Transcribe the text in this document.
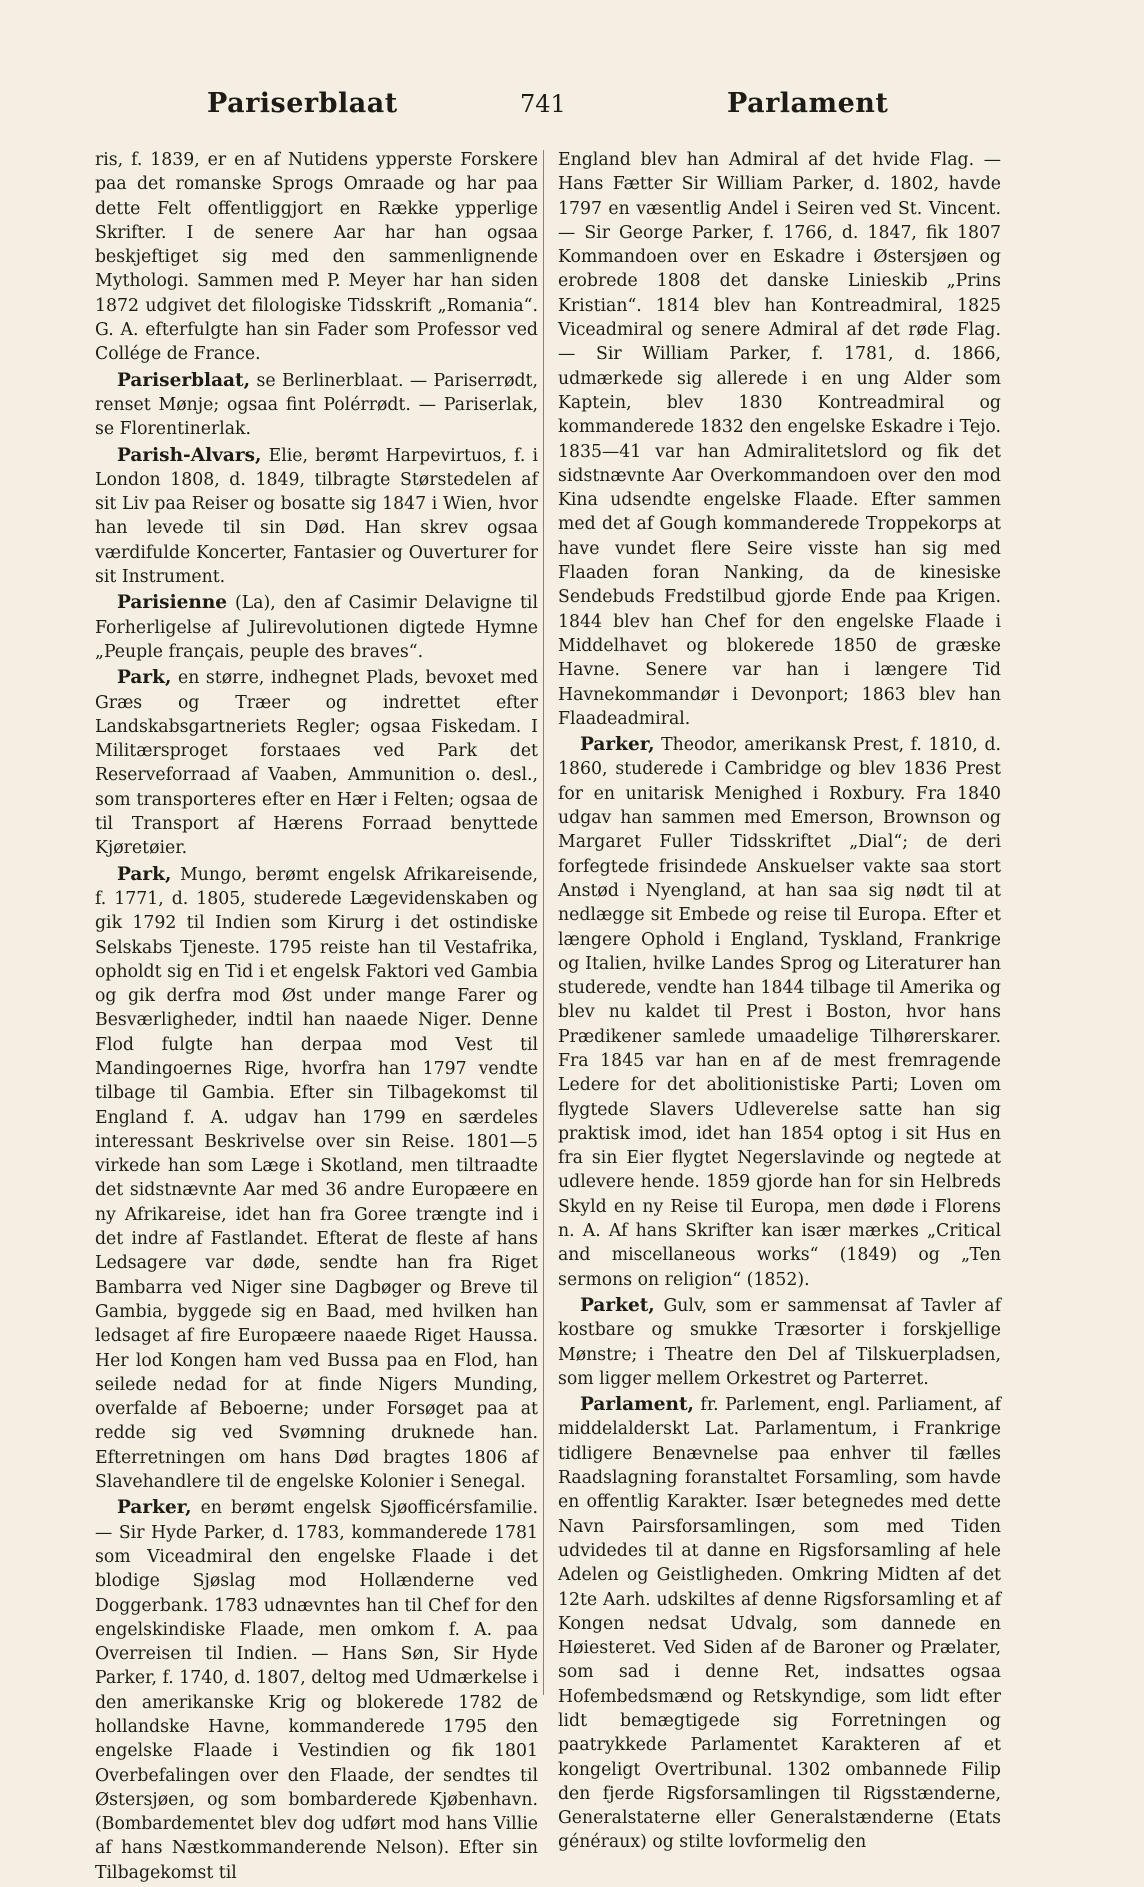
Pariserblaat	741	Parlament

ris, f. 1839, er en af Nutidens ypperste Forskere paa det romanske Sprogs Omraade og har paa dette Felt offentliggjort en Række ypperlige Skrifter. I de senere Aar har han ogsaa beskjeftiget sig med den sammenlignende Mythologi. Sammen med P. Meyer har han siden 1872 udgivet det filologiske Tidsskrift „Romania“. G. A. efterfulgte han sin Fader som Professor ved Collége de France.

Pariserblaat, se Berlinerblaat. — Pariserrødt, renset Mønje; ogsaa fint Polérrødt. — Pariserlak, se Florentinerlak.

Parish-Alvars, Elie, berømt Harpevirtuos, f. i London 1808, d. 1849, tilbragte Størstedelen af sit Liv paa Reiser og bosatte sig 1847 i Wien, hvor han levede til sin Død. Han skrev ogsaa værdifulde Koncerter, Fantasier og Ouverturer for sit Instrument.

Parisienne (La), den af Casimir Delavigne til Forherligelse af Julirevolutionen digtede Hymne „Peuple français, peuple des braves“.

Park, en større, indhegnet Plads, bevoxet med Græs og Træer og indrettet efter Landskabsgartneriets Regler; ogsaa Fiskedam. I Militærsproget forstaaes ved Park det Reserveforraad af Vaaben, Ammunition o. desl., som transporteres efter en Hær i Felten; ogsaa de til Transport af Hærens Forraad benyttede Kjøretøier.

Park, Mungo, berømt engelsk Afrikareisende, f. 1771, d. 1805, studerede Lægevidenskaben og gik 1792 til Indien som Kirurg i det ostindiske Selskabs Tjeneste. 1795 reiste han til Vestafrika, opholdt sig en Tid i et engelsk Faktori ved Gambia og gik derfra mod Øst under mange Farer og Besværligheder, indtil han naaede Niger. Denne Flod fulgte han derpaa mod Vest til Mandingoernes Rige, hvorfra han 1797 vendte tilbage til Gambia. Efter sin Tilbagekomst til England f. A. udgav han 1799 en særdeles interessant Beskrivelse over sin Reise. 1801—5 virkede han som Læge i Skotland, men tiltraadte det sidstnævnte Aar med 36 andre Europæere en ny Afrikareise, idet han fra Goree trængte ind i det indre af Fastlandet. Efterat de fleste af hans Ledsagere var døde, sendte han fra Riget Bambarra ved Niger sine Dagbøger og Breve til Gambia, byggede sig en Baad, med hvilken han ledsaget af fire Europæere naaede Riget Haussa. Her lod Kongen ham ved Bussa paa en Flod, han seilede nedad for at finde Nigers Munding, overfalde af Beboerne; under Forsøget paa at redde sig ved Svømning druknede han. Efterretningen om hans Død bragtes 1806 af Slavehandlere til de engelske Kolonier i Senegal.

Parker, en berømt engelsk Sjøofficérsfamilie. — Sir Hyde Parker, d. 1783, kommanderede 1781 som Viceadmiral den engelske Flaade i det blodige Sjøslag mod Hollænderne ved Doggerbank. 1783 udnævntes han til Chef for den engelskindiske Flaade, men omkom f. A. paa Overreisen til Indien. — Hans Søn, Sir Hyde Parker, f. 1740, d. 1807, deltog med Udmærkelse i den amerikanske Krig og blokerede 1782 de hollandske Havne, kommanderede 1795 den engelske Flaade i Vestindien og fik 1801 Overbefalingen over den Flaade, der sendtes til Østersjøen, og som bombarderede Kjøbenhavn. (Bombardementet blev dog udført mod hans Villie af hans Næstkommanderende Nelson). Efter sin Tilbagekomst til

England blev han Admiral af det hvide Flag. — Hans Fætter Sir William Parker, d. 1802, havde 1797 en væsentlig Andel i Seiren ved St. Vincent. — Sir George Parker, f. 1766, d. 1847, fik 1807 Kommandoen over en Eskadre i Østersjøen og erobrede 1808 det danske Linieskib „Prins Kristian“. 1814 blev han Kontreadmiral, 1825 Viceadmiral og senere Admiral af det røde Flag. — Sir William Parker, f. 1781, d. 1866, udmærkede sig allerede i en ung Alder som Kaptein, blev 1830 Kontreadmiral og kommanderede 1832 den engelske Eskadre i Tejo. 1835—41 var han Admiralitetslord og fik det sidstnævnte Aar Overkommandoen over den mod Kina udsendte engelske Flaade. Efter sammen med det af Gough kommanderede Troppekorps at have vundet flere Seire visste han sig med Flaaden foran Nanking, da de kinesiske Sendebuds Fredstilbud gjorde Ende paa Krigen. 1844 blev han Chef for den engelske Flaade i Middelhavet og blokerede 1850 de græske Havne. Senere var han i længere Tid Havnekommandør i Devonport; 1863 blev han Flaadeadmiral.

Parker, Theodor, amerikansk Prest, f. 1810, d. 1860, studerede i Cambridge og blev 1836 Prest for en unitarisk Menighed i Roxbury. Fra 1840 udgav han sammen med Emerson, Brownson og Margaret Fuller Tidsskriftet „Dial“; de deri forfegtede frisindede Anskuelser vakte saa stort Anstød i Nyengland, at han saa sig nødt til at nedlægge sit Embede og reise til Europa. Efter et længere Ophold i England, Tyskland, Frankrige og Italien, hvilke Landes Sprog og Literaturer han studerede, vendte han 1844 tilbage til Amerika og blev nu kaldet til Prest i Boston, hvor hans Prædikener samlede umaadelige Tilhørerskarer. Fra 1845 var han en af de mest fremragende Ledere for det abolitionistiske Parti; Loven om flygtede Slavers Udleverelse satte han sig praktisk imod, idet han 1854 optog i sit Hus en fra sin Eier flygtet Negerslavinde og negtede at udlevere hende. 1859 gjorde han for sin Helbreds Skyld en ny Reise til Europa, men døde i Florens n. A. Af hans Skrifter kan især mærkes „Critical and miscellaneous works“ (1849) og „Ten sermons on religion“ (1852).

Parket, Gulv, som er sammensat af Tavler af kostbare og smukke Træsorter i forskjellige Mønstre; i Theatre den Del af Tilskuerpladsen, som ligger mellem Orkestret og Parterret.

Parlament, fr. Parlement, engl. Parliament, af middelalderskt Lat. Parlamentum, i Frankrige tidligere Benævnelse paa enhver til fælles Raadslagning foranstaltet Forsamling, som havde en offentlig Karakter. Især betegnedes med dette Navn Pairsforsamlingen, som med Tiden udvidedes til at danne en Rigsforsamling af hele Adelen og Geistligheden. Omkring Midten af det 12te Aarh. udskiltes af denne Rigsforsamling et af Kongen nedsat Udvalg, som dannede en Høiesteret. Ved Siden af de Baroner og Prælater, som sad i denne Ret, indsattes ogsaa Hofembedsmænd og Retskyndige, som lidt efter lidt bemægtigede sig Forretningen og paatrykkede Parlamentet Karakteren af et kongeligt Overtribunal. 1302 ombannede Filip den fjerde Rigsforsamlingen til Rigsstænderne, Generalstaterne eller Generalstænderne (Etats généraux) og stilte lovformelig den
